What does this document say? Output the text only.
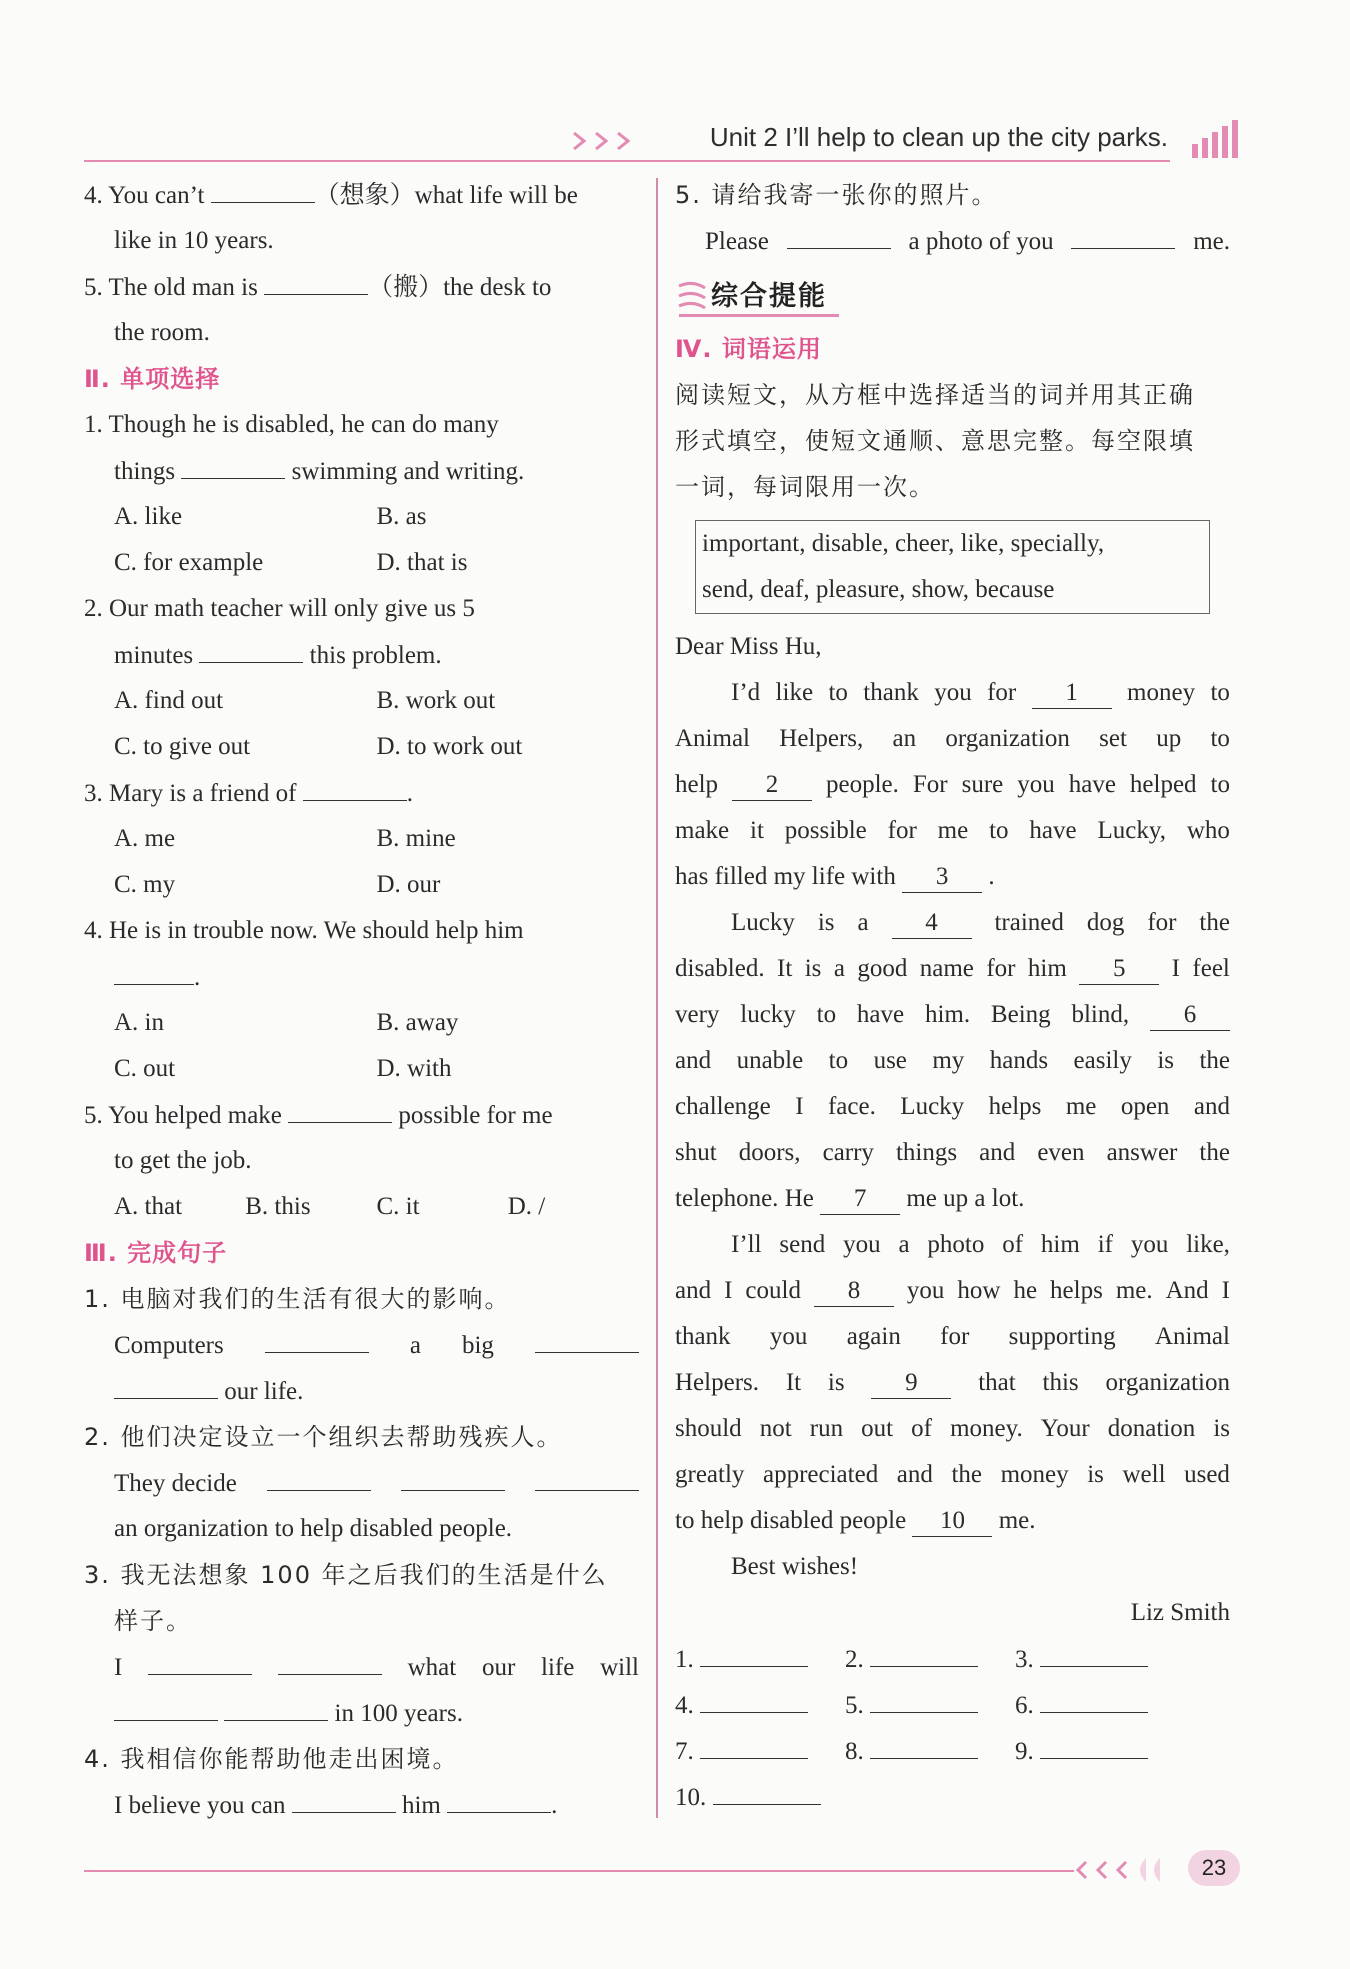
Unit 2 I’ll help to clean up the city parks.
4. You can’t	（想象）what life will be
like in 10 years.
5. The old man is	（搬）the desk to
the room.
Ⅱ. 单项选择
1. Though he is disabled, he can do many
things	swimming and writing.
A. like	B. as
C. for example	D. that is
2. Our math teacher will only give us 5
minutes	this problem.
A. find out	B. work out
C. to give out	D. to work out
3. Mary is a friend of	.
A. me	B. mine
C. my	D. our
4. He is in trouble now. We should help him
.
A. in	B. away
C. out	D. with
5. You helped make	possible for me
to get the job.
A. that	B. this	C. it	D. /
Ⅲ. 完成句子
1. 电脑对我们的生活有很大的影响。
Computers	a big
our life.
2. 他们决定设立一个组织去帮助残疾人。
They decide
an organization to help disabled people.
3. 我无法想象 100 年之后我们的生活是什么
样子。
I	what our life will
in 100 years.
4. 我相信你能帮助他走出困境。
I believe you can	him	.
5. 请给我寄一张你的照片。
Please	a photo of you	me.
综合提能
Ⅳ. 词语运用
阅读短文，从方框中选择适当的词并用其正确
形式填空，使短文通顺、意思完整。每空限填
一词，每词限用一次。
important, disable, cheer, like, specially,
send, deaf, pleasure, show, because
Dear Miss Hu,
I’d like to thank you for	1	money to
Animal Helpers, an organization set up to
help	2	people. For sure you have helped to
make it possible for me to have Lucky, who
has filled my life with 3 .
Lucky is a	4	trained dog for the
disabled. It is a good name for him	5	I feel
very lucky to have him. Being blind,	6
and unable to use my hands easily is the
challenge I face. Lucky helps me open and
shut doors, carry things and even answer the
telephone. He 7 me up a lot.
I’ll send you a photo of him if you like,
and I could	8	you how he helps me. And I
thank you again for supporting Animal
Helpers. It is	9	that this organization
should not run out of money. Your donation is
greatly appreciated and the money is well used
to help disabled people 10 me.
Best wishes!
Liz Smith
1.	2.	3.
4.	5.	6.
7.	8.	9.
10.
23
